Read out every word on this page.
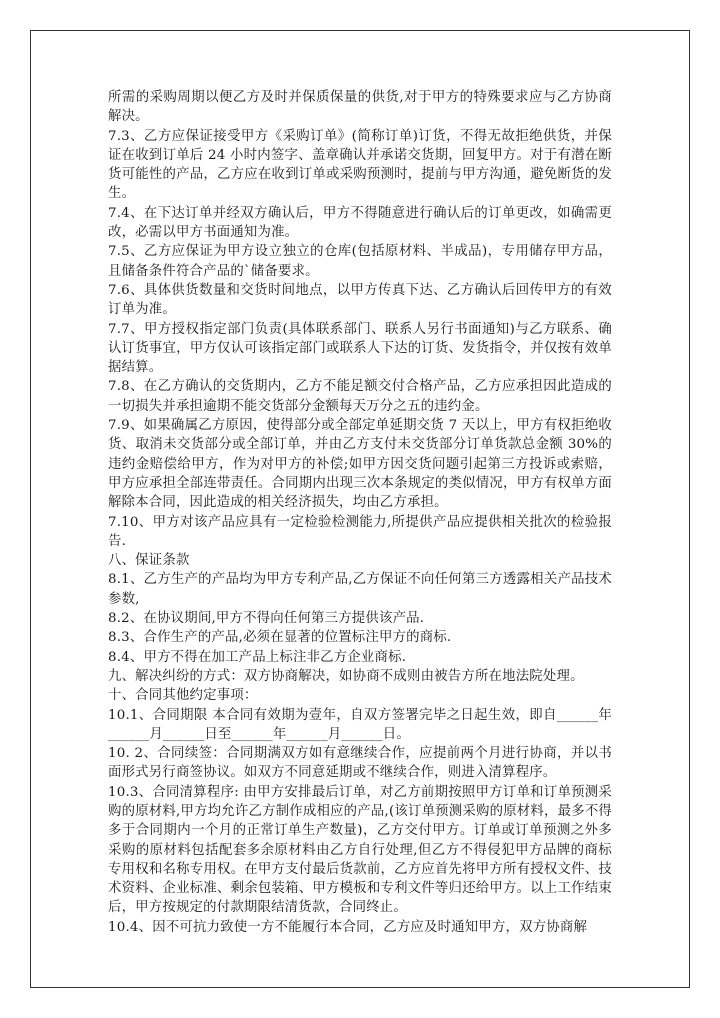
所需的采购周期以便乙方及时并保质保量的供货,对于甲方的特殊要求应与乙方协商解决。

7.3、乙方应保证接受甲方《采购订单》(简称订单)订货，不得无故拒绝供货，并保证在收到订单后 24 小时内签字、盖章确认并承诺交货期，回复甲方。对于有潜在断货可能性的产品，乙方应在收到订单或采购预测时，提前与甲方沟通，避免断货的发生。

7.4、在下达订单并经双方确认后，甲方不得随意进行确认后的订单更改，如确需更改，必需以甲方书面通知为准。

7.5、乙方应保证为甲方设立独立的仓库(包括原材料、半成品)，专用储存甲方品，且储备条件符合产品的`储备要求。

7.6、具体供货数量和交货时间地点，以甲方传真下达、乙方确认后回传甲方的有效订单为准。

7.7、甲方授权指定部门负责(具体联系部门、联系人另行书面通知)与乙方联系、确认订货事宜，甲方仅认可该指定部门或联系人下达的订货、发货指令，并仅按有效单据结算。

7.8、在乙方确认的交货期内，乙方不能足额交付合格产品，乙方应承担因此造成的一切损失并承担逾期不能交货部分金额每天万分之五的违约金。

7.9、如果确属乙方原因，使得部分或全部定单延期交货 7 天以上，甲方有权拒绝收货、取消未交货部分或全部订单，并由乙方支付未交货部分订单货款总金额 30%的违约金赔偿给甲方，作为对甲方的补偿;如甲方因交货问题引起第三方投诉或索赔，甲方应承担全部连带责任。合同期内出现三次本条规定的类似情况，甲方有权单方面解除本合同，因此造成的相关经济损失，均由乙方承担。

7.10、甲方对该产品应具有一定检验检测能力,所提供产品应提供相关批次的检验报告.

八、保证条款

8.1、乙方生产的产品均为甲方专利产品,乙方保证不向任何第三方透露相关产品技术参数,

8.2、在协议期间,甲方不得向任何第三方提供该产品.

8.3、合作生产的产品,必须在显著的位置标注甲方的商标.

8.4、甲方不得在加工产品上标注非乙方企业商标.

九、解决纠纷的方式：双方协商解决，如协商不成则由被告方所在地法院处理。

十、合同其他约定事项：

10.1、合同期限 本合同有效期为壹年，自双方签署完毕之日起生效，即自______年______月______日至______年______月______日。

10. 2、合同续签：合同期满双方如有意继续合作，应提前两个月进行协商，并以书面形式另行商签协议。如双方不同意延期或不继续合作，则进入清算程序。

10.3、合同清算程序: 由甲方安排最后订单，对乙方前期按照甲方订单和订单预测采购的原材料,甲方均允许乙方制作成相应的产品,(该订单预测采购的原材料，最多不得多于合同期内一个月的正常订单生产数量)，乙方交付甲方。订单或订单预测之外多采购的原材料包括配套多余原材料由乙方自行处理,但乙方不得侵犯甲方品牌的商标专用权和名称专用权。在甲方支付最后货款前，乙方应首先将甲方所有授权文件、技术资料、企业标准、剩余包装箱、甲方模板和专利文件等归还给甲方。以上工作结束后，甲方按规定的付款期限结清货款，合同终止。

10.4、因不可抗力致使一方不能履行本合同，乙方应及时通知甲方，双方协商解
